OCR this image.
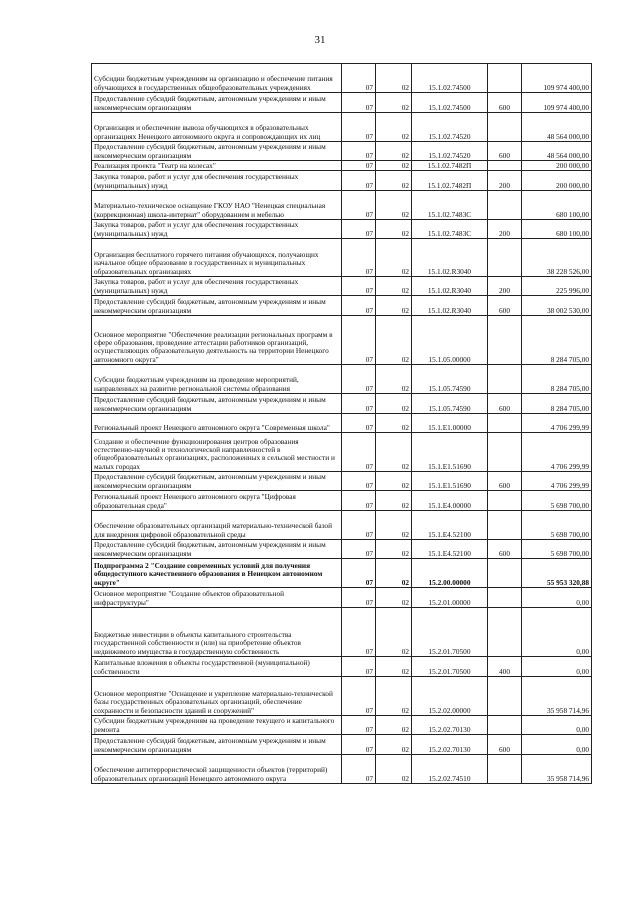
31
Субсидии бюджетным учреждениям на организацию и обеспечение питания обучающихся в государственных общеобразовательных учреждениях	07	02	15.1.02.74500		109 974 400,00
Предоставление субсидий бюджетным, автономным учреждениям и иным некоммерческим организациям	07	02	15.1.02.74500	600	109 974 400,00
Организация и обеспечение вывоза обучающихся в образовательных организациях Ненецкого автономного округа и сопровождающих их лиц	07	02	15.1.02.74520		48 564 000,00
Предоставление субсидий бюджетным, автономным учреждениям и иным некоммерческим организациям	07	02	15.1.02.74520	600	48 564 000,00
Реализация проекта "Театр на колесах"	07	02	15.1.02.7482П		200 000,00
Закупка товаров, работ и услуг для обеспечения государственных (муниципальных) нужд	07	02	15.1.02.7482П	200	200 000,00
Материально-техническое оснащение ГКОУ НАО "Ненецкая специальная (коррекционная) школа-интернат" оборудованием и мебелью	07	02	15.1.02.7483С		680 100,00
Закупка товаров, работ и услуг для обеспечения государственных (муниципальных) нужд	07	02	15.1.02.7483С	200	680 100,00
Организация бесплатного горячего питания обучающихся, получающих начальное общее образование в государственных и муниципальных образовательных организациях	07	02	15.1.02.R3040		38 228 526,00
Закупка товаров, работ и услуг для обеспечения государственных (муниципальных) нужд	07	02	15.1.02.R3040	200	225 996,00
Предоставление субсидий бюджетным, автономным учреждениям и иным некоммерческим организациям	07	02	15.1.02.R3040	600	38 002 530,00
Основное мероприятие "Обеспечение реализации региональных программ в сфере образования, проведение аттестации работников организаций, осуществляющих образовательную деятельность на территории Ненецкого автономного округа"	07	02	15.1.05.00000		8 284 705,00
Субсидии бюджетным учреждениям на проведение мероприятий, направленных на развитие региональной системы образования	07	02	15.1.05.74590		8 284 705,00
Предоставление субсидий бюджетным, автономным учреждениям и иным некоммерческим организациям	07	02	15.1.05.74590	600	8 284 705,00
Региональный проект Ненецкого автономного округа "Современная школа"	07	02	15.1.Е1.00000		4 706 299,99
Создание и обеспечение функционирования центров образования естественно-научной и технологической направленностей в общеобразовательных организациях, расположенных в сельской местности и малых городах	07	02	15.1.Е1.51690		4 706 299,99
Предоставление субсидий бюджетным, автономным учреждениям и иным некоммерческим организациям	07	02	15.1.Е1.51690	600	4 706 299,99
Региональный проект Ненецкого автономного округа "Цифровая образовательная среда"	07	02	15.1.Е4.00000		5 698 700,00
Обеспечение образовательных организаций материально-технической базой для внедрения цифровой образовательной среды	07	02	15.1.Е4.52100		5 698 700,00
Предоставление субсидий бюджетным, автономным учреждениям и иным некоммерческим организациям	07	02	15.1.Е4.52100	600	5 698 700,00
Подпрограмма 2 "Создание современных условий для получения общедоступного качественного образования в Ненецком автономном округе"	07	02	15.2.00.00000		55 953 320,88
Основное мероприятие "Создание объектов образовательной инфраструктуры"	07	02	15.2.01.00000		0,00
Бюджетные инвестиции в объекты капитального строительства государственной собственности и (или) на приобретение объектов недвижимого имущества в государственную собственность	07	02	15.2.01.70500		0,00
Капитальные вложения в объекты государственной (муниципальной) собственности	07	02	15.2.01.70500	400	0,00
Основное мероприятие "Оснащение и укрепление материально-технической базы государственных образовательных организаций, обеспечение сохранности и безопасности зданий и сооружений"	07	02	15.2.02.00000		35 958 714,96
Субсидии бюджетным учреждениям на проведение текущего и капитального ремонта	07	02	15.2.02.70130		0,00
Предоставление субсидий бюджетным, автономным учреждениям и иным некоммерческим организациям	07	02	15.2.02.70130	600	0,00
Обеспечение антитеррористической защищенности объектов (территорий) образовательных организаций Ненецкого автономного округа	07	02	15.2.02.74510		35 958 714,96
